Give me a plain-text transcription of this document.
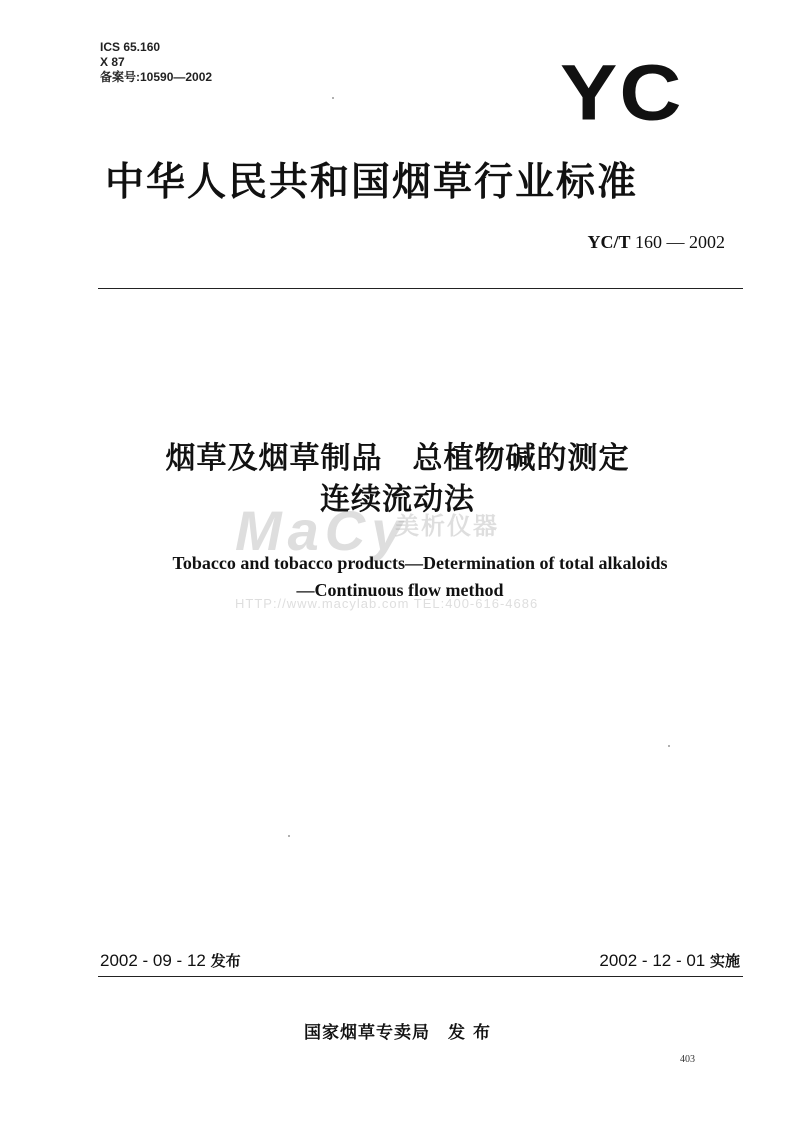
ICS 65.160
X 87
备案号:10590—2002	YC
中华人民共和国烟草行业标准
YC/T 160 — 2002
MaCy
美析仪器
HTTP://www.macylab.com TEL:400-616-4686
烟草及烟草制品 总植物碱的测定
连续流动法
Tobacco and tobacco products—Determination of total alkaloids
—Continuous flow method
2002 - 09 - 12 发布	2002 - 12 - 01 实施
国家烟草专卖局 发 布
403
